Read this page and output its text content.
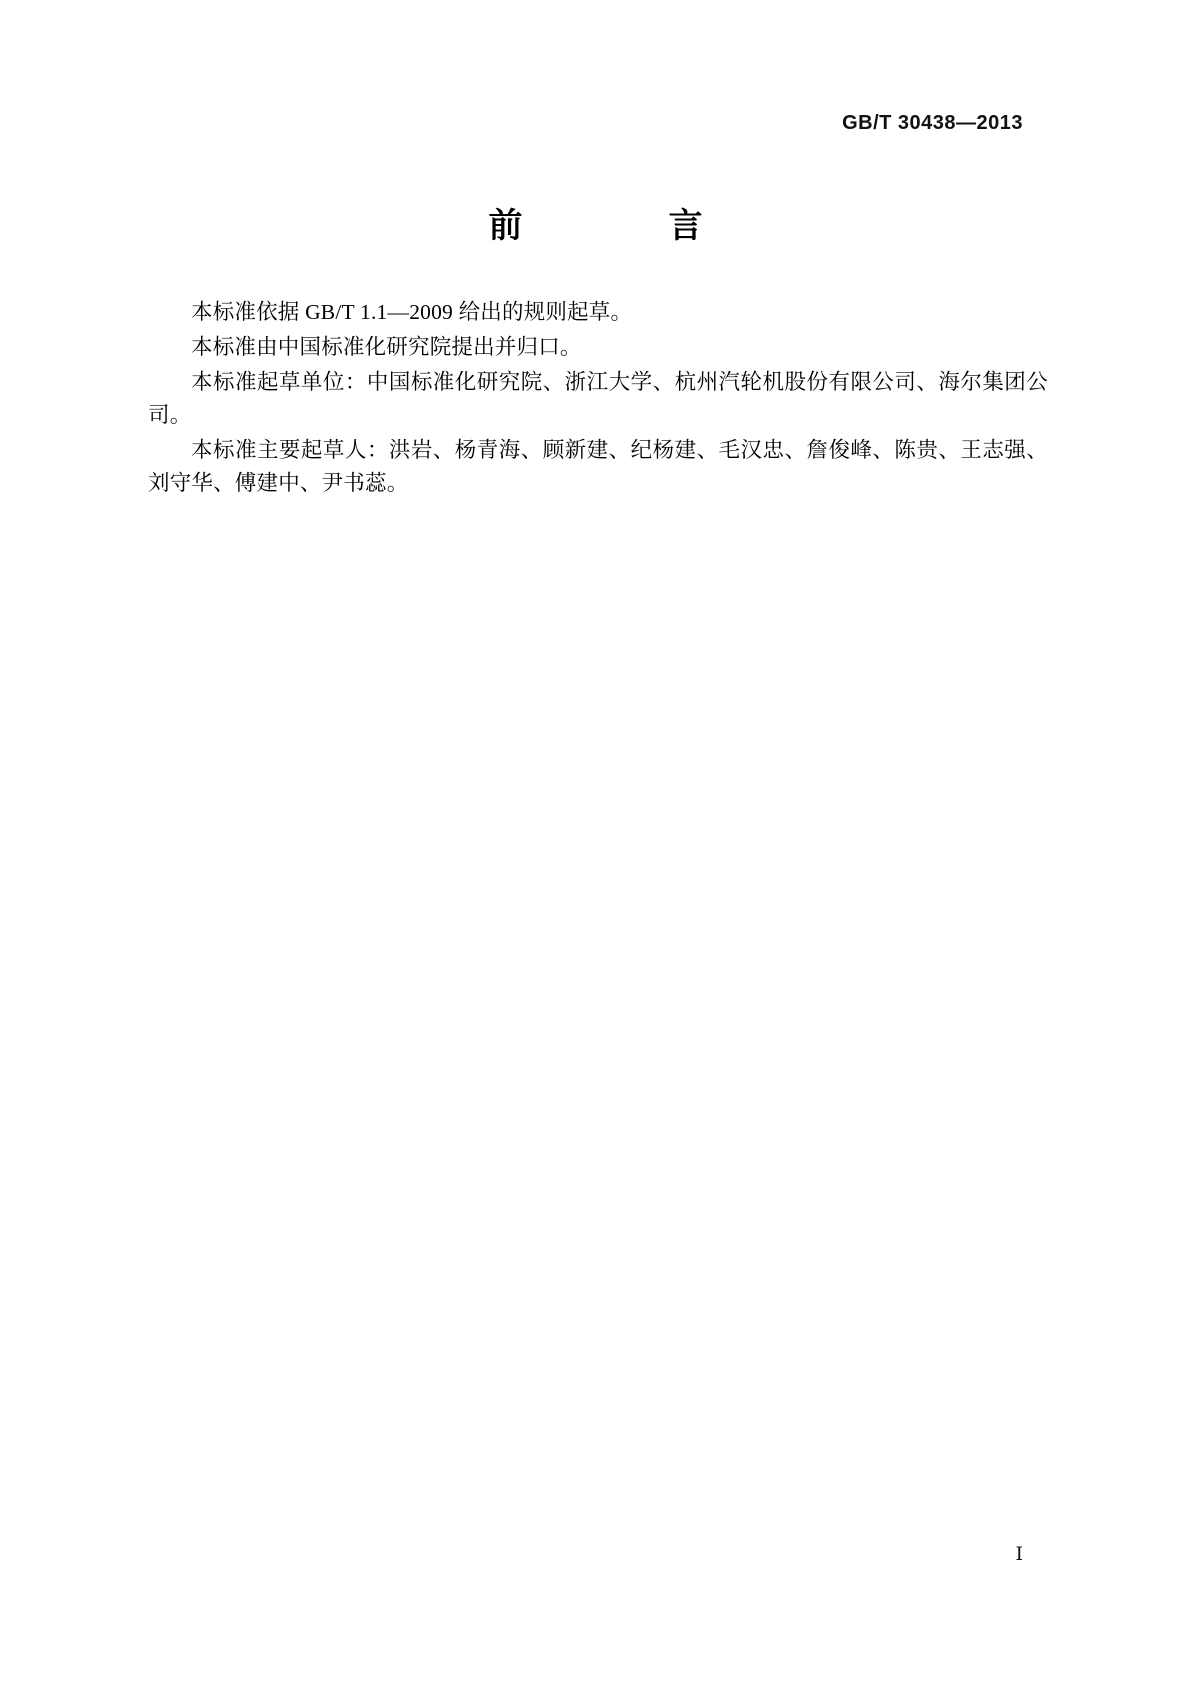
GB/T 30438—2013
前　　言

本标准依据 GB/T 1.1—2009 给出的规则起草。

本标准由中国标准化研究院提出并归口。

本标准起草单位：中国标准化研究院、浙江大学、杭州汽轮机股份有限公司、海尔集团公司。

本标准主要起草人：洪岩、杨青海、顾新建、纪杨建、毛汉忠、詹俊峰、陈贵、王志强、刘守华、傅建中、尹书蕊。

Ⅰ
